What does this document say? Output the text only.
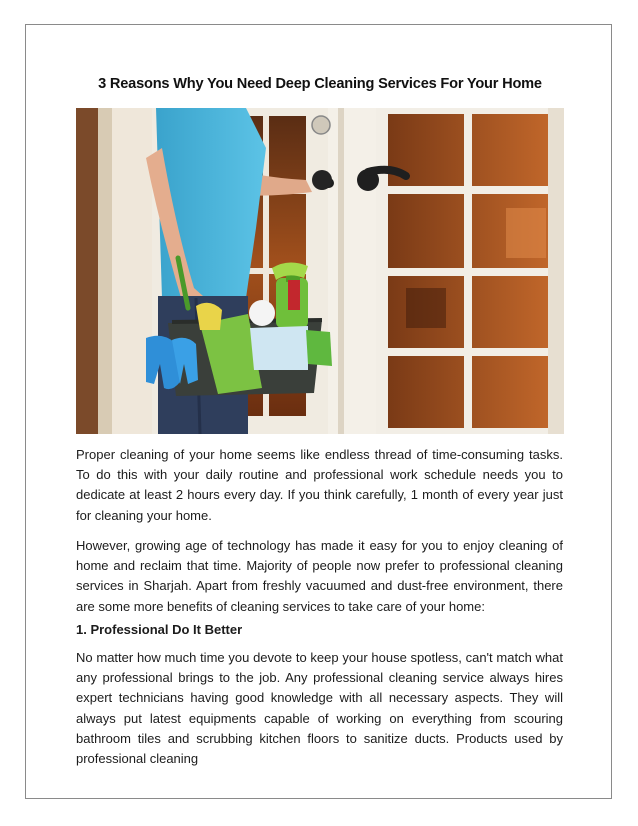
3 Reasons Why You Need Deep Cleaning Services For Your Home

Proper cleaning of your home seems like endless thread of time-consuming tasks. To do this with your daily routine and professional work schedule needs you to dedicate at least 2 hours every day. If you think carefully, 1 month of every year just for cleaning your home.

However, growing age of technology has made it easy for you to enjoy cleaning of home and reclaim that time. Majority of people now prefer to professional cleaning services in Sharjah. Apart from freshly vacuumed and dust-free environment, there are some more benefits of cleaning services to take care of your home:

1. Professional Do It Better

No matter how much time you devote to keep your house spotless, can't match what any professional brings to the job. Any professional cleaning service always hires expert technicians having good knowledge with all necessary aspects. They will always put latest equipments capable of working on everything from scouring bathroom tiles and scrubbing kitchen floors to sanitize ducts. Products used by professional cleaning
